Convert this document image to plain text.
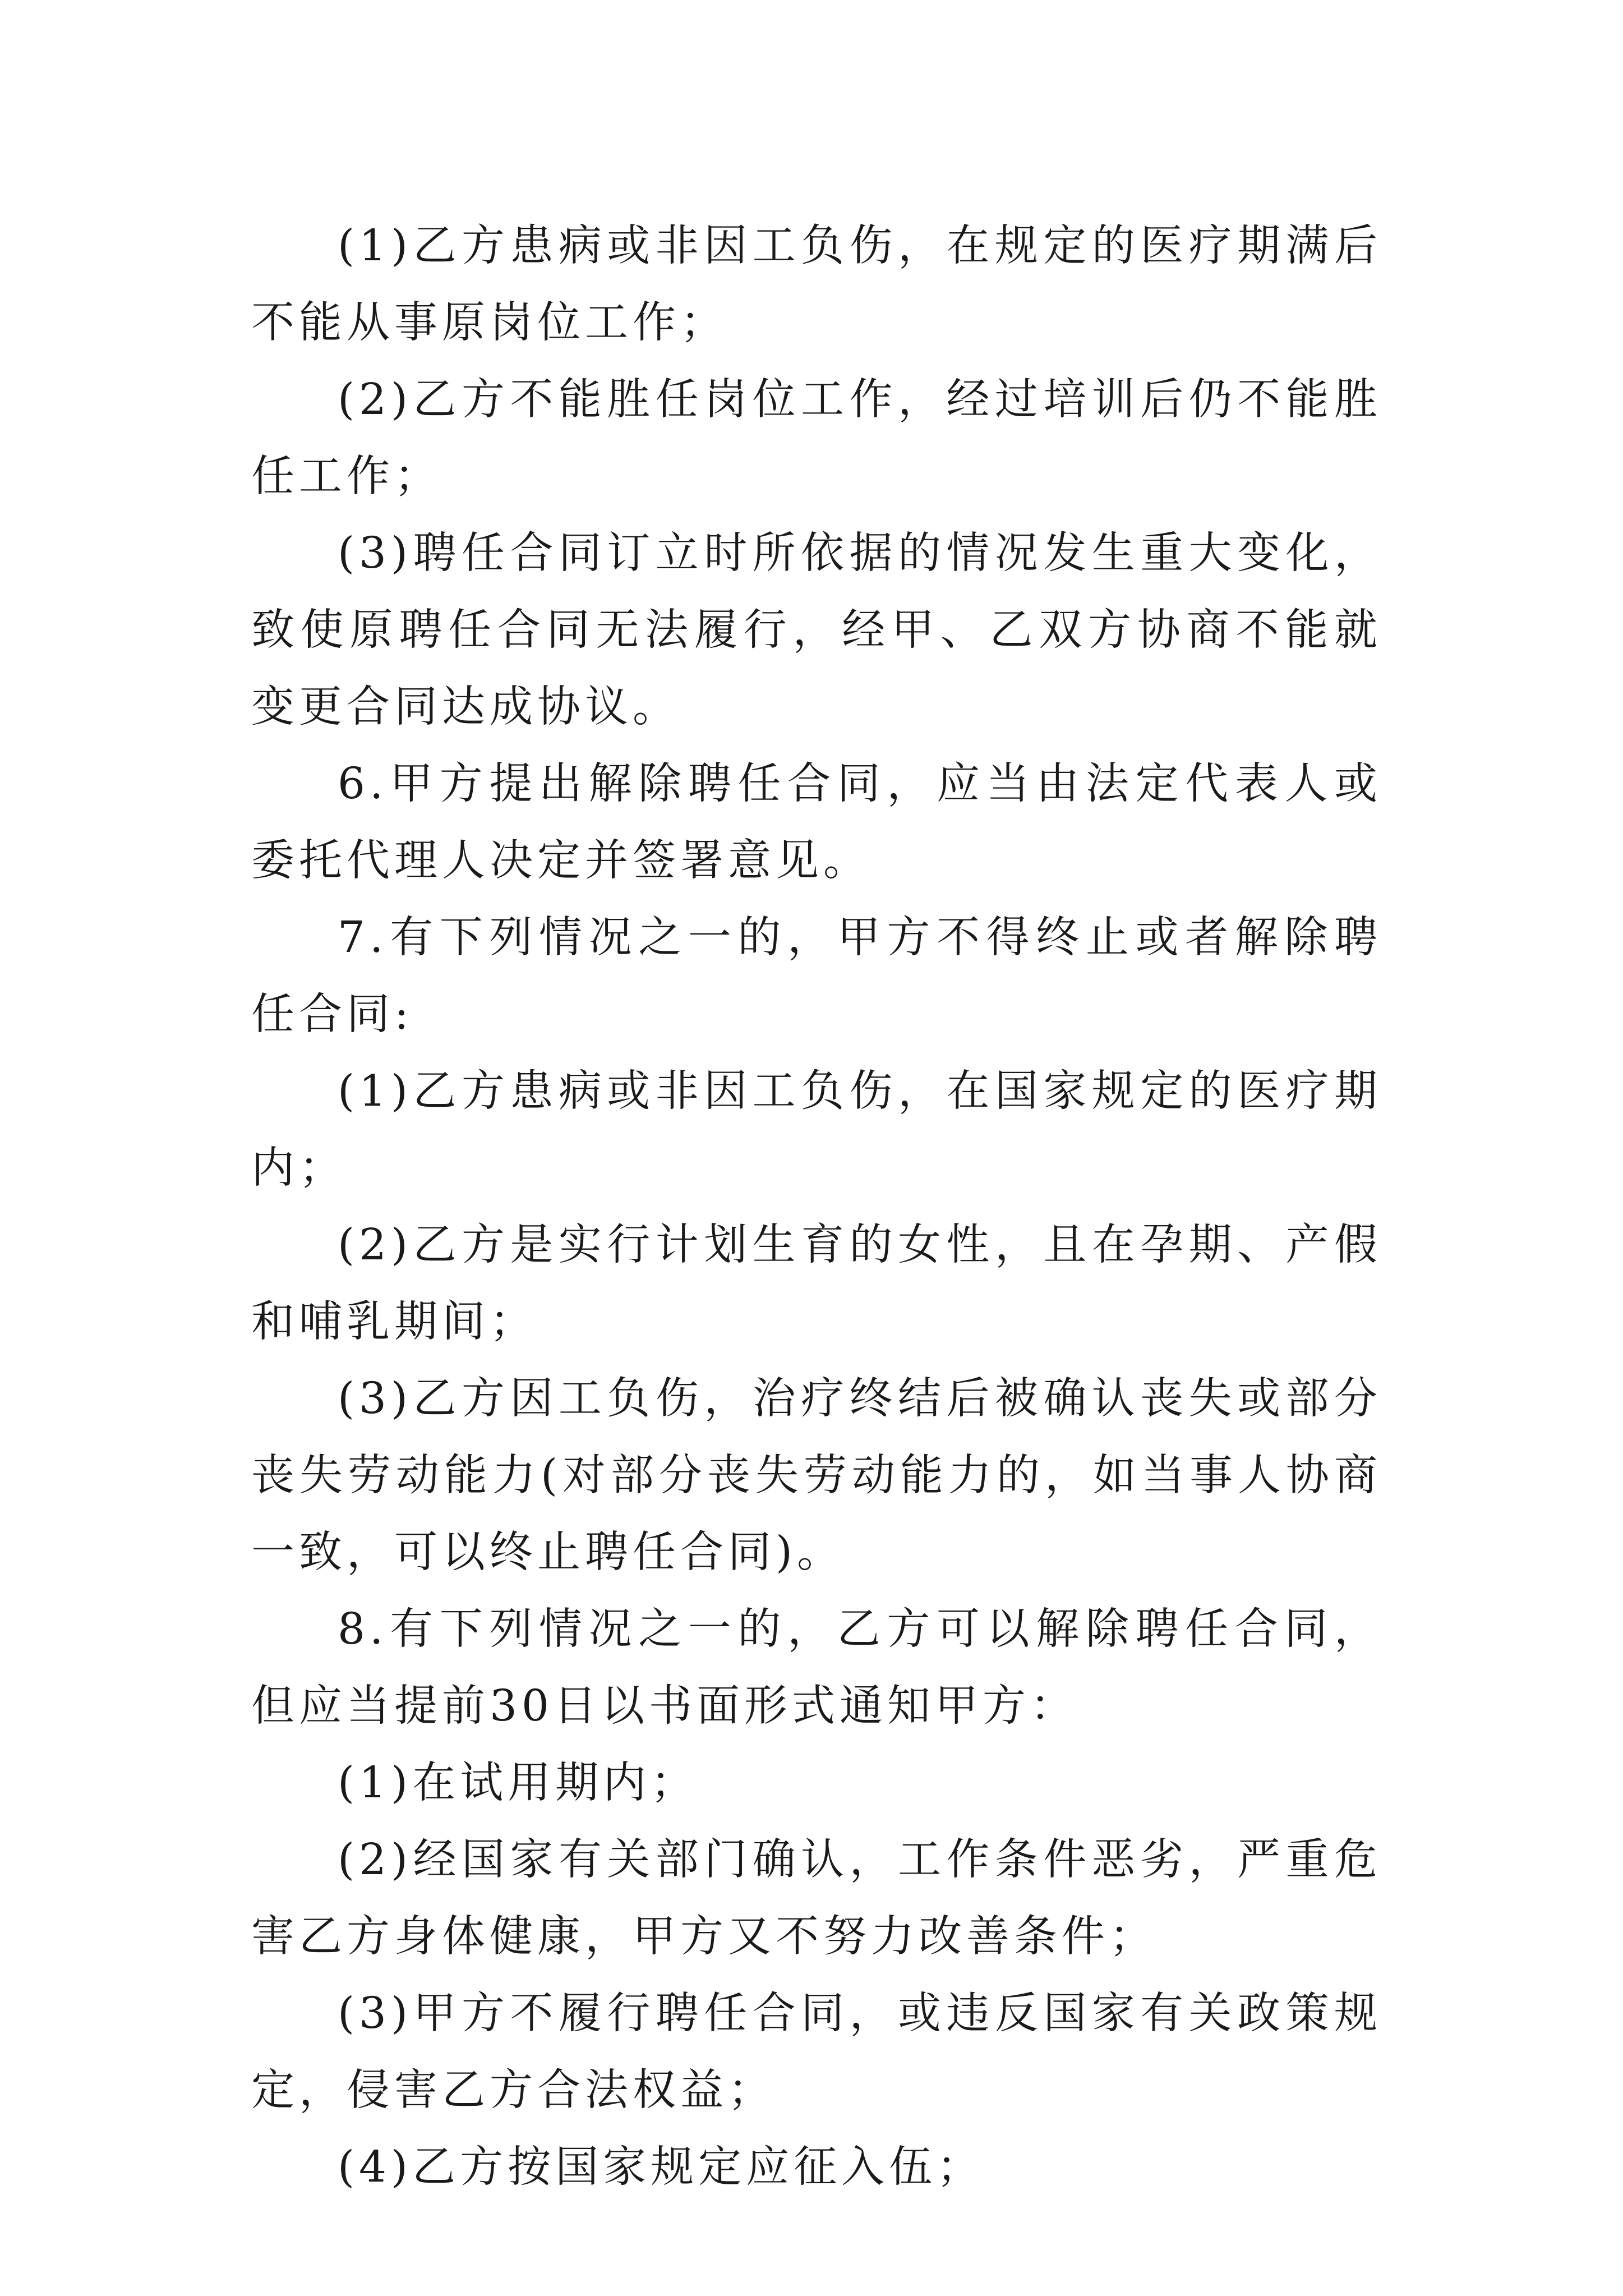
(1)乙方患病或非因工负伤，在规定的医疗期满后不能从事原岗位工作；

(2)乙方不能胜任岗位工作，经过培训后仍不能胜任工作；

(3)聘任合同订立时所依据的情况发生重大变化，致使原聘任合同无法履行，经甲、乙双方协商不能就变更合同达成协议。

6.甲方提出解除聘任合同，应当由法定代表人或委托代理人决定并签署意见。

7.有下列情况之一的，甲方不得终止或者解除聘任合同:

(1)乙方患病或非因工负伤，在国家规定的医疗期内；

(2)乙方是实行计划生育的女性，且在孕期、产假和哺乳期间；

(3)乙方因工负伤，治疗终结后被确认丧失或部分丧失劳动能力(对部分丧失劳动能力的，如当事人协商一致，可以终止聘任合同)。

8.有下列情况之一的，乙方可以解除聘任合同，但应当提前30日以书面形式通知甲方：

(1)在试用期内；

(2)经国家有关部门确认，工作条件恶劣，严重危害乙方身体健康，甲方又不努力改善条件；

(3)甲方不履行聘任合同，或违反国家有关政策规定，侵害乙方合法权益；

(4)乙方按国家规定应征入伍；
